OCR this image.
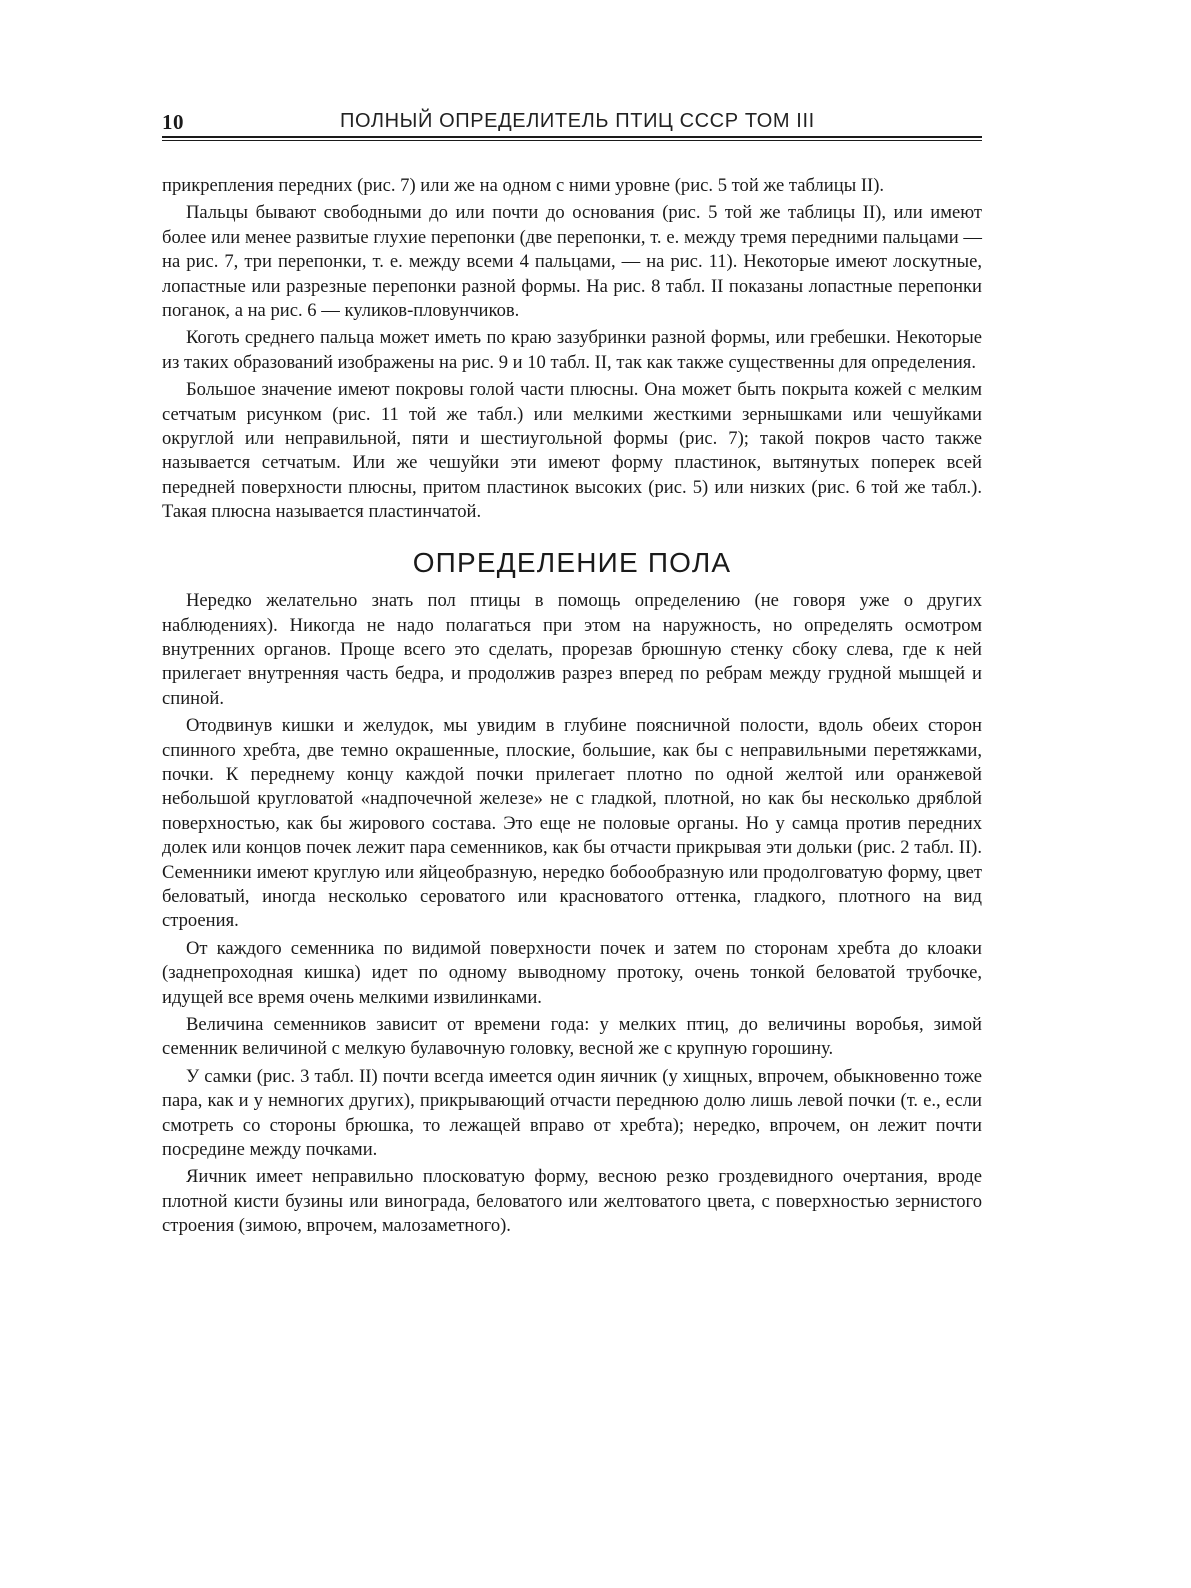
10	ПОЛНЫЙ ОПРЕДЕЛИТЕЛЬ ПТИЦ СССР ТОМ III

прикрепления передних (рис. 7) или же на одном с ними уровне (рис. 5 той же таблицы II).

Пальцы бывают свободными до или почти до основания (рис. 5 той же таблицы II), или имеют более или менее развитые глухие перепонки (две перепонки, т. е. между тремя передними пальцами — на рис. 7, три перепонки, т. е. между всеми 4 пальцами, — на рис. 11). Некоторые имеют лоскутные, лопастные или разрезные перепонки разной формы. На рис. 8 табл. II показаны лопастные перепонки поганок, а на рис. 6 — куликов-пловунчиков.

Коготь среднего пальца может иметь по краю зазубринки разной формы, или гребешки. Некоторые из таких образований изображены на рис. 9 и 10 табл. II, так как также существенны для определения.

Большое значение имеют покровы голой части плюсны. Она может быть покрыта кожей с мелким сетчатым рисунком (рис. 11 той же табл.) или мелкими жесткими зернышками или чешуйками округлой или неправильной, пяти и шестиугольной формы (рис. 7); такой покров часто также называется сетчатым. Или же чешуйки эти имеют форму пластинок, вытянутых поперек всей передней поверхности плюсны, притом пластинок высоких (рис. 5) или низких (рис. 6 той же табл.). Такая плюсна называется пластинчатой.

ОПРЕДЕЛЕНИЕ ПОЛА

Нередко желательно знать пол птицы в помощь определению (не говоря уже о других наблюдениях). Никогда не надо полагаться при этом на наружность, но определять осмотром внутренних органов. Проще всего это сделать, прорезав брюшную стенку сбоку слева, где к ней прилегает внутренняя часть бедра, и продолжив разрез вперед по ребрам между грудной мышцей и спиной.

Отодвинув кишки и желудок, мы увидим в глубине поясничной полости, вдоль обеих сторон спинного хребта, две темно окрашенные, плоские, большие, как бы с неправильными перетяжками, почки. К переднему концу каждой почки прилегает плотно по одной желтой или оранжевой небольшой кругловатой «надпочечной железе» не с гладкой, плотной, но как бы несколько дряблой поверхностью, как бы жирового состава. Это еще не половые органы. Но у самца против передних долек или концов почек лежит пара семенников, как бы отчасти прикрывая эти дольки (рис. 2 табл. II). Семенники имеют круглую или яйцеобразную, нередко бобообразную или продолговатую форму, цвет беловатый, иногда несколько сероватого или красноватого оттенка, гладкого, плотного на вид строения.

От каждого семенника по видимой поверхности почек и затем по сторонам хребта до клоаки (заднепроходная кишка) идет по одному выводному протоку, очень тонкой беловатой трубочке, идущей все время очень мелкими извилинками.

Величина семенников зависит от времени года: у мелких птиц, до величины воробья, зимой семенник величиной с мелкую булавочную головку, весной же с крупную горошину.

У самки (рис. 3 табл. II) почти всегда имеется один яичник (у хищных, впрочем, обыкновенно тоже пара, как и у немногих других), прикрывающий отчасти переднюю долю лишь левой почки (т. е., если смотреть со стороны брюшка, то лежащей вправо от хребта); нередко, впрочем, он лежит почти посредине между почками.

Яичник имеет неправильно плосковатую форму, весною резко гроздевидного очертания, вроде плотной кисти бузины или винограда, беловатого или желтоватого цвета, с поверхностью зернистого строения (зимою, впрочем, малозаметного).
